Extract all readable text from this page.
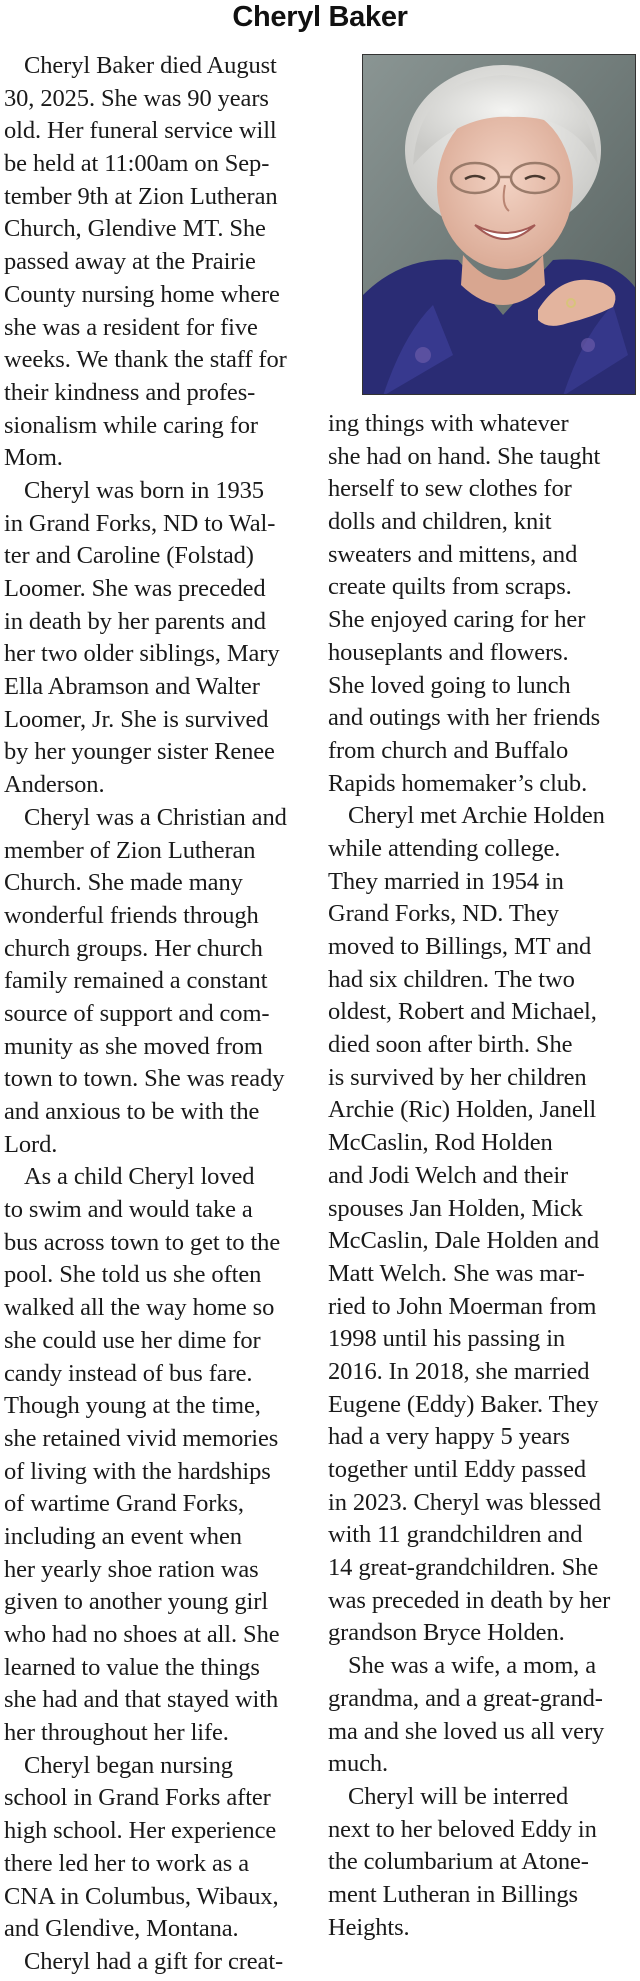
Cheryl Baker
Cheryl Baker died August
30, 2025. She was 90 years
old. Her funeral service will
be held at 11:00am on Sep-
tember 9th at Zion Lutheran
Church, Glendive MT. She
passed away at the Prairie
County nursing home where
she was a resident for five
weeks. We thank the staff for
their kindness and profes-
sionalism while caring for
Mom.
Cheryl was born in 1935
in Grand Forks, ND to Wal-
ter and Caroline (Folstad)
Loomer. She was preceded
in death by her parents and
her two older siblings, Mary
Ella Abramson and Walter
Loomer, Jr. She is survived
by her younger sister Renee
Anderson.
Cheryl was a Christian and
member of Zion Lutheran
Church. She made many
wonderful friends through
church groups. Her church
family remained a constant
source of support and com-
munity as she moved from
town to town. She was ready
and anxious to be with the
Lord.
As a child Cheryl loved
to swim and would take a
bus across town to get to the
pool. She told us she often
walked all the way home so
she could use her dime for
candy instead of bus fare.
Though young at the time,
she retained vivid memories
of living with the hardships
of wartime Grand Forks,
including an event when
her yearly shoe ration was
given to another young girl
who had no shoes at all. She
learned to value the things
she had and that stayed with
her throughout her life.
Cheryl began nursing
school in Grand Forks after
high school. Her experience
there led her to work as a
CNA in Columbus, Wibaux,
and Glendive, Montana.
Cheryl had a gift for creat-
ing things with whatever
she had on hand. She taught
herself to sew clothes for
dolls and children, knit
sweaters and mittens, and
create quilts from scraps.
She enjoyed caring for her
houseplants and flowers.
She loved going to lunch
and outings with her friends
from church and Buffalo
Rapids homemaker’s club.
Cheryl met Archie Holden
while attending college.
They married in 1954 in
Grand Forks, ND. They
moved to Billings, MT and
had six children. The two
oldest, Robert and Michael,
died soon after birth. She
is survived by her children
Archie (Ric) Holden, Janell
McCaslin, Rod Holden
and Jodi Welch and their
spouses Jan Holden, Mick
McCaslin, Dale Holden and
Matt Welch. She was mar-
ried to John Moerman from
1998 until his passing in
2016. In 2018, she married
Eugene (Eddy) Baker. They
had a very happy 5 years
together until Eddy passed
in 2023. Cheryl was blessed
with 11 grandchildren and
14 great-grandchildren. She
was preceded in death by her
grandson Bryce Holden.
She was a wife, a mom, a
grandma, and a great-grand-
ma and she loved us all very
much.
Cheryl will be interred
next to her beloved Eddy in
the columbarium at Atone-
ment Lutheran in Billings
Heights.
